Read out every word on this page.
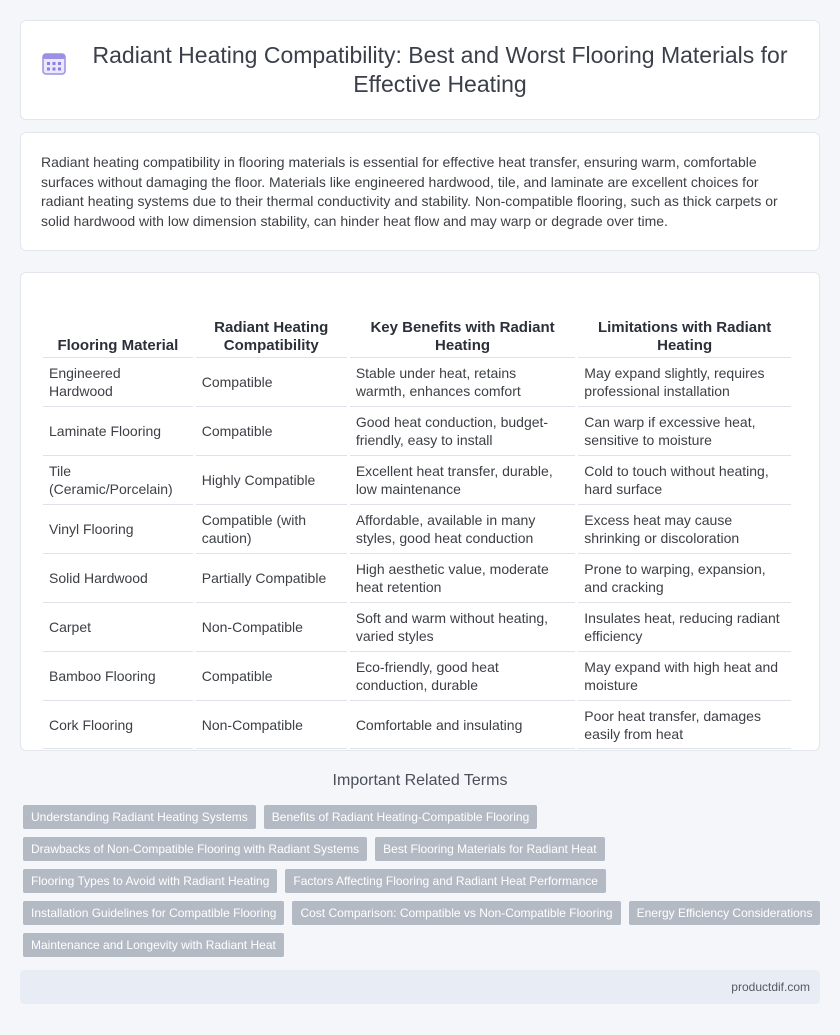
Radiant Heating Compatibility: Best and Worst Flooring Materials for Effective Heating

Radiant heating compatibility in flooring materials is essential for effective heat transfer, ensuring warm, comfortable surfaces without damaging the floor. Materials like engineered hardwood, tile, and laminate are excellent choices for radiant heating systems due to their thermal conductivity and stability. Non-compatible flooring, such as thick carpets or solid hardwood with low dimension stability, can hinder heat flow and may warp or degrade over time.

Flooring Material	Radiant Heating Compatibility	Key Benefits with Radiant Heating	Limitations with Radiant Heating
Engineered Hardwood	Compatible	Stable under heat, retains warmth, enhances comfort	May expand slightly, requires professional installation
Laminate Flooring	Compatible	Good heat conduction, budget-friendly, easy to install	Can warp if excessive heat, sensitive to moisture
Tile (Ceramic/Porcelain)	Highly Compatible	Excellent heat transfer, durable, low maintenance	Cold to touch without heating, hard surface
Vinyl Flooring	Compatible (with caution)	Affordable, available in many styles, good heat conduction	Excess heat may cause shrinking or discoloration
Solid Hardwood	Partially Compatible	High aesthetic value, moderate heat retention	Prone to warping, expansion, and cracking
Carpet	Non-Compatible	Soft and warm without heating, varied styles	Insulates heat, reducing radiant efficiency
Bamboo Flooring	Compatible	Eco-friendly, good heat conduction, durable	May expand with high heat and moisture
Cork Flooring	Non-Compatible	Comfortable and insulating	Poor heat transfer, damages easily from heat
Important Related Terms
Understanding Radiant Heating Systems	Benefits of Radiant Heating-Compatible Flooring
Drawbacks of Non-Compatible Flooring with Radiant Systems	Best Flooring Materials for Radiant Heat
Flooring Types to Avoid with Radiant Heating	Factors Affecting Flooring and Radiant Heat Performance
Installation Guidelines for Compatible Flooring	Cost Comparison: Compatible vs Non-Compatible Flooring	Energy Efficiency Considerations
Maintenance and Longevity with Radiant Heat
productdif.com
